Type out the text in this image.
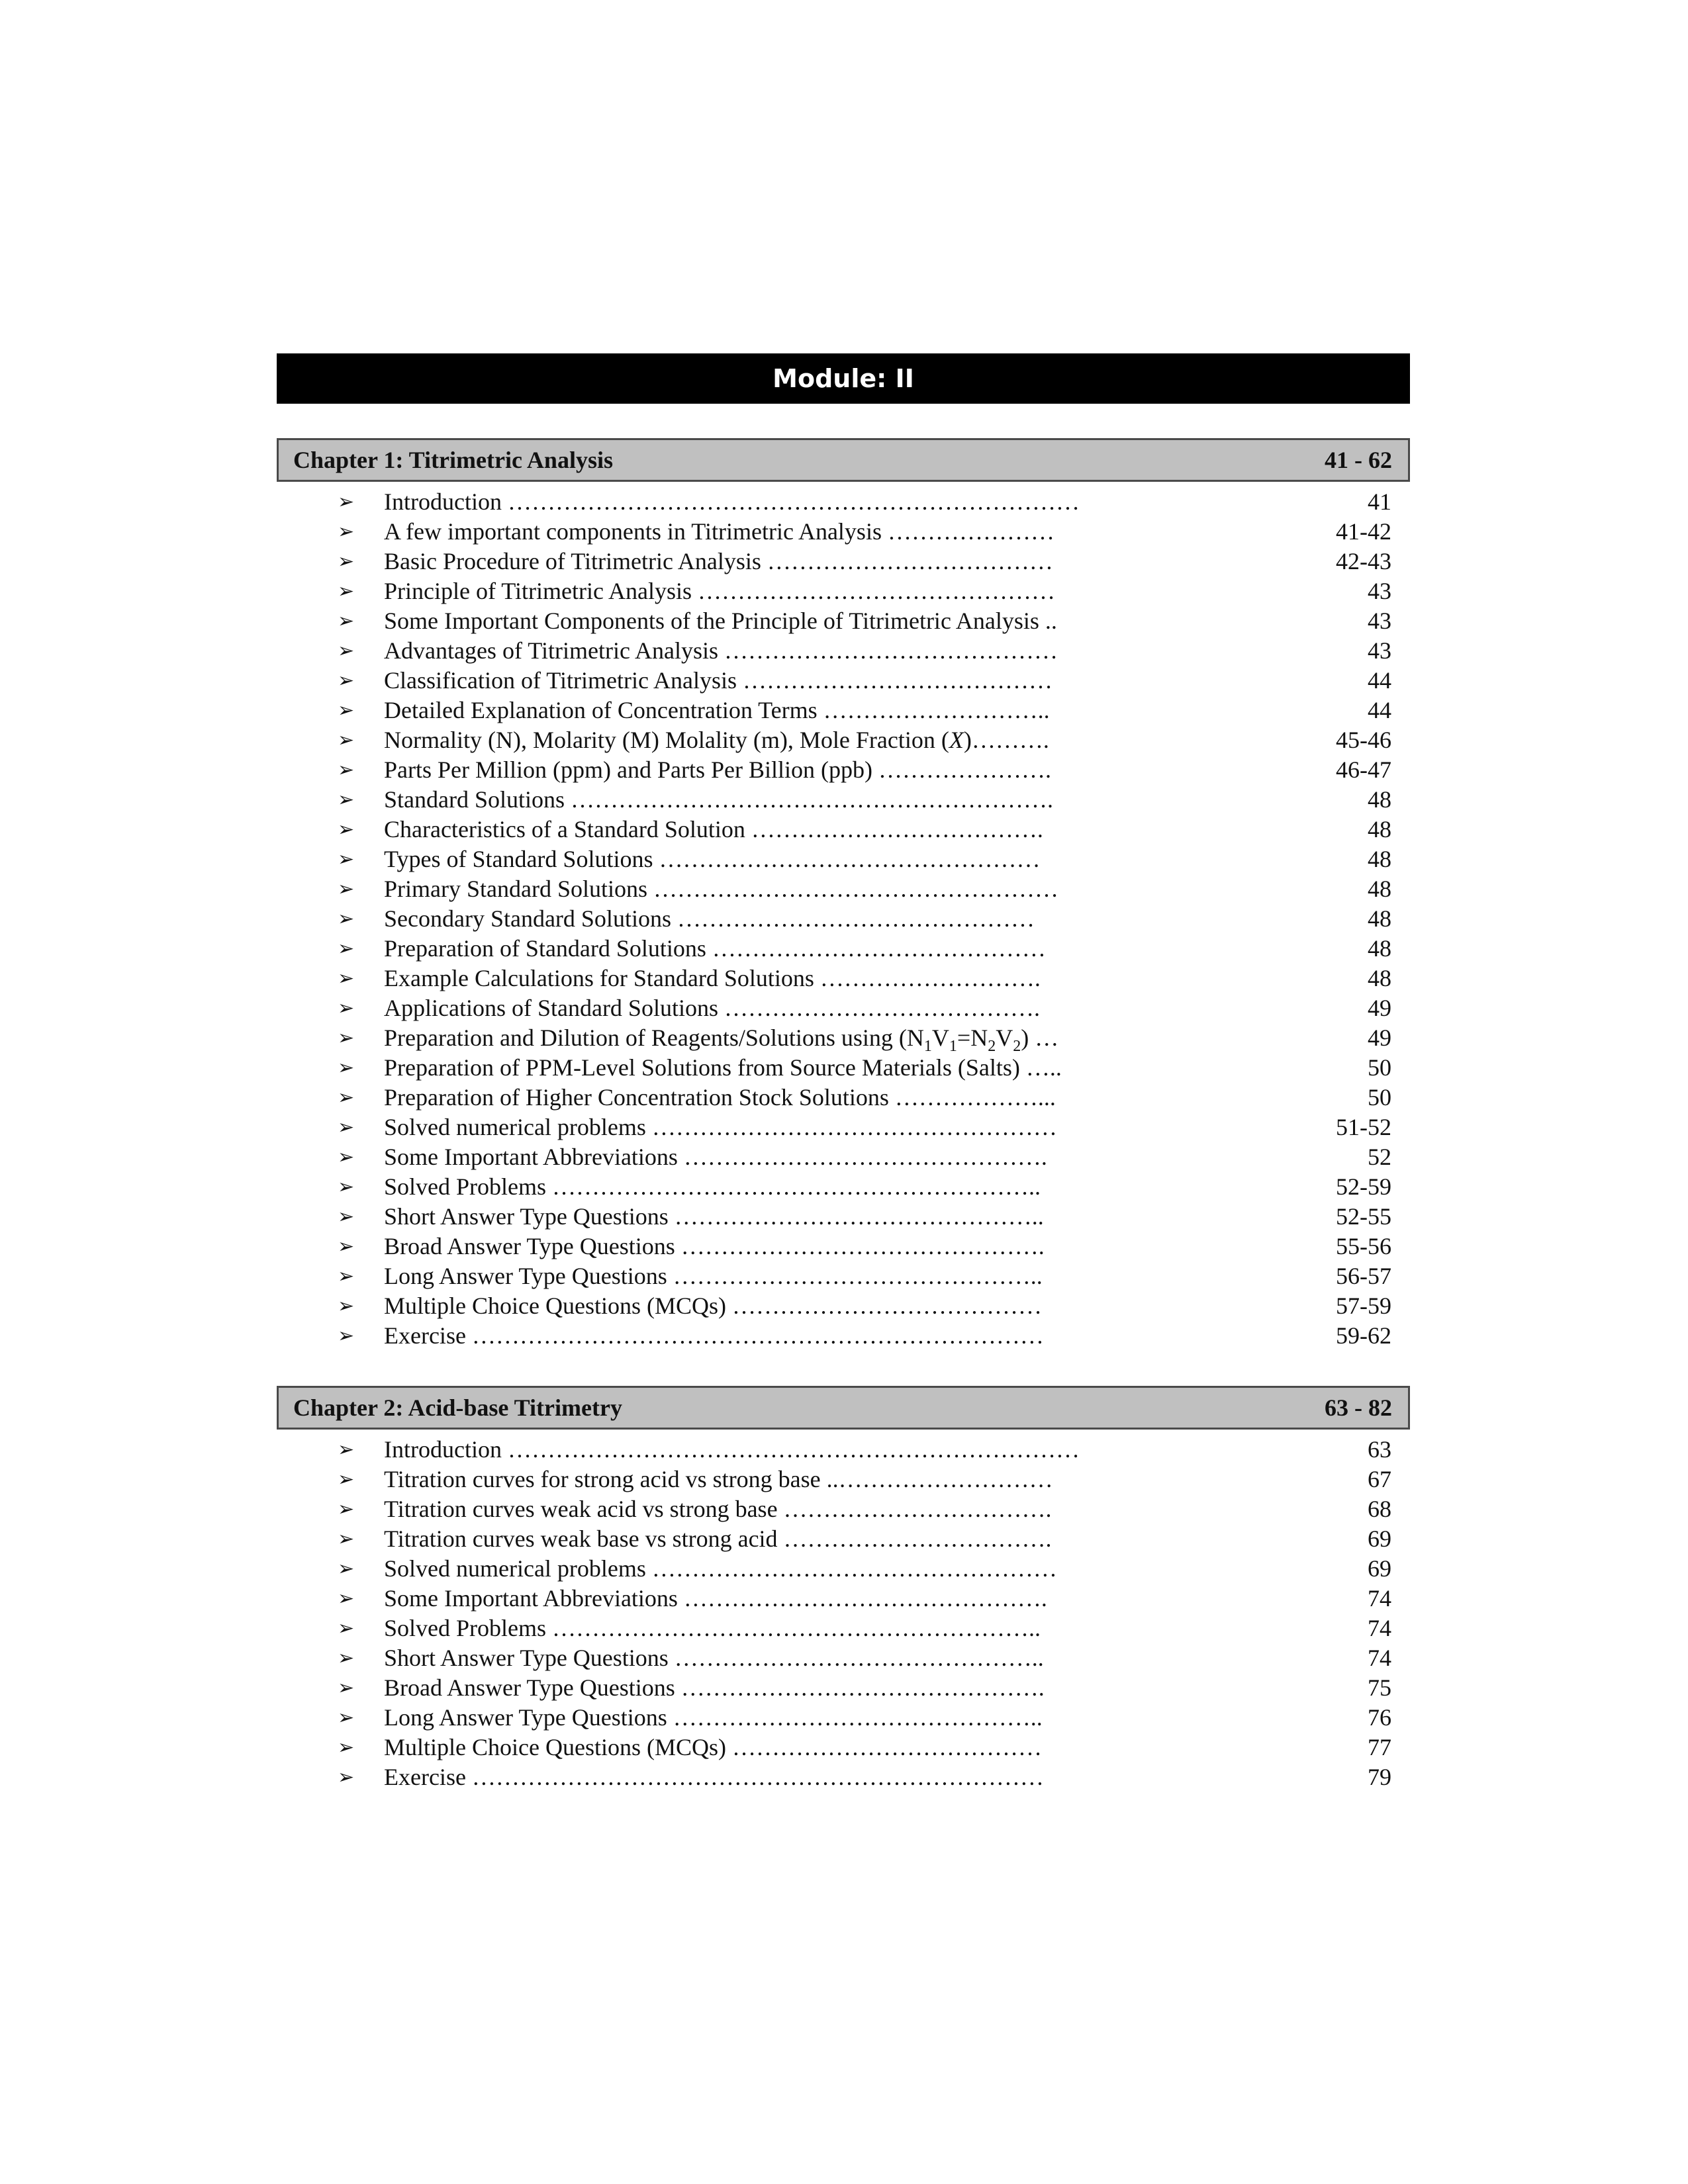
Module: II
Chapter 1: Titrimetric Analysis	41 - 62
➢ Introduction ………………………………………………………………	41
➢ A few important components in Titrimetric Analysis …………………	41-42
➢ Basic Procedure of Titrimetric Analysis ………………………………	42-43
➢ Principle of Titrimetric Analysis ………………………………………	43
➢ Some Important Components of the Principle of Titrimetric Analysis ..	43
➢ Advantages of Titrimetric Analysis ……………………………………	43
➢ Classification of Titrimetric Analysis …………………………………	44
➢ Detailed Explanation of Concentration Terms ………………………..	44
➢ Normality (N), Molarity (M) Molality (m), Mole Fraction (X)……….	45-46
➢ Parts Per Million (ppm) and Parts Per Billion (ppb) ………………….	46-47
➢ Standard Solutions …………………………………………………….	48
➢ Characteristics of a Standard Solution ……………………………….	48
➢ Types of Standard Solutions …………………………………………	48
➢ Primary Standard Solutions ……………………………………………	48
➢ Secondary Standard Solutions ………………………………………	48
➢ Preparation of Standard Solutions ……………………………………	48
➢ Example Calculations for Standard Solutions ……………………….	48
➢ Applications of Standard Solutions ………………………………….	49
➢ Preparation and Dilution of Reagents/Solutions using $(N_1V_1=N_2V_2)$ …	49
➢ Preparation of PPM-Level Solutions from Source Materials (Salts) …..	50
➢ Preparation of Higher Concentration Stock Solutions ………………...	50
➢ Solved numerical problems ……………………………………………	51-52
➢ Some Important Abbreviations ……………………………………….	52
➢ Solved Problems ……………………………………………………..	52-59
➢ Short Answer Type Questions ………………………………………..	52-55
➢ Broad Answer Type Questions ……………………………………….	55-56
➢ Long Answer Type Questions ………………………………………..	56-57
➢ Multiple Choice Questions (MCQs) …………………………………	57-59
➢ Exercise ………………………………………………………………	59-62
Chapter 2: Acid-base Titrimetry	63 - 82
➢ Introduction ………………………………………………………………	63
➢ Titration curves for strong acid vs strong base ..………………………	67
➢ Titration curves weak acid vs strong base …………………………….	68
➢ Titration curves weak base vs strong acid …………………………….	69
➢ Solved numerical problems ……………………………………………	69
➢ Some Important Abbreviations ……………………………………….	74
➢ Solved Problems ……………………………………………………..	74
➢ Short Answer Type Questions ………………………………………..	74
➢ Broad Answer Type Questions ……………………………………….	75
➢ Long Answer Type Questions ………………………………………..	76
➢ Multiple Choice Questions (MCQs) …………………………………	77
➢ Exercise ………………………………………………………………	79
